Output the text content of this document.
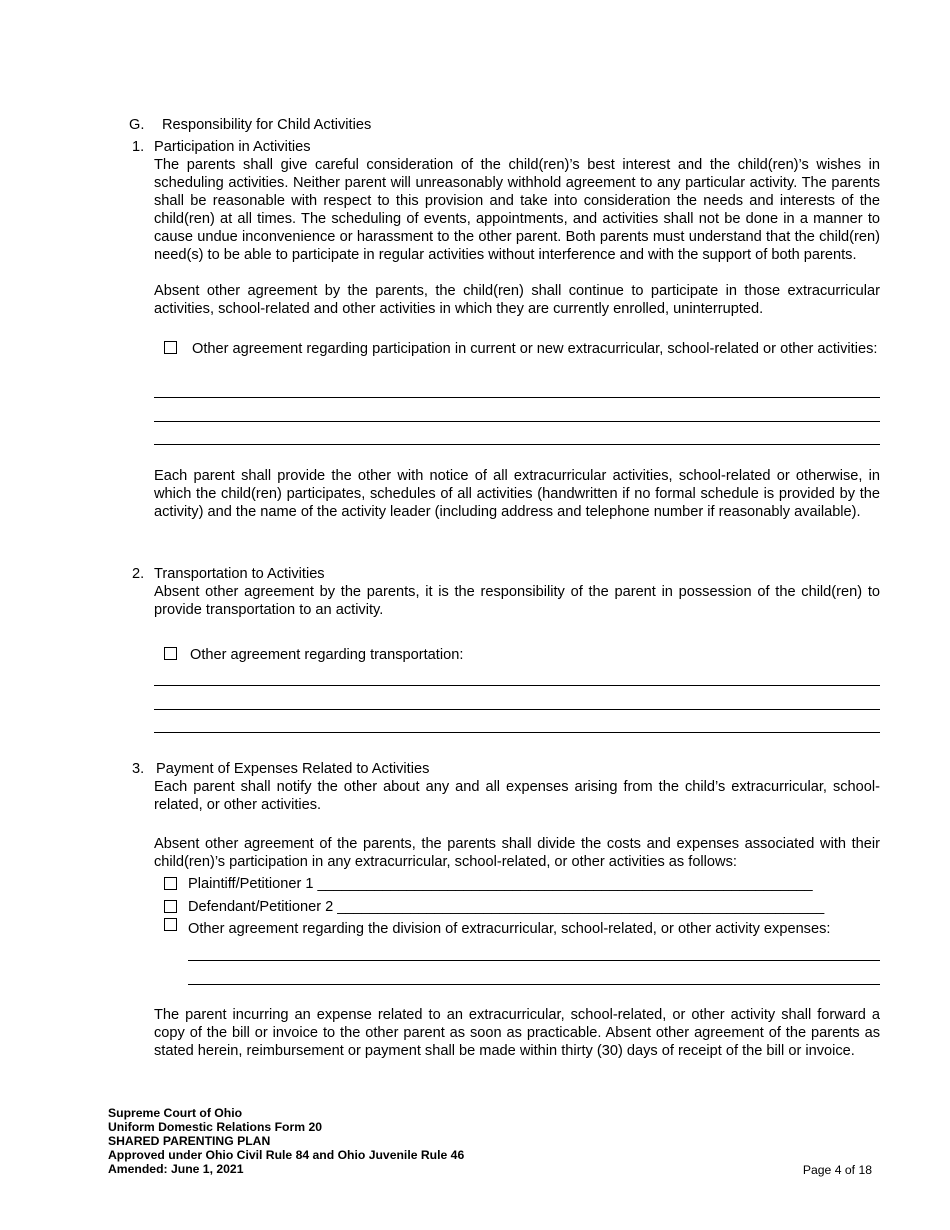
G. Responsibility for Child Activities
1. Participation in Activities
The parents shall give careful consideration of the child(ren)’s best interest and the child(ren)’s wishes in scheduling activities. Neither parent will unreasonably withhold agreement to any particular activity. The parents shall be reasonable with respect to this provision and take into consideration the needs and interests of the child(ren) at all times. The scheduling of events, appointments, and activities shall not be done in a manner to cause undue inconvenience or harassment to the other parent. Both parents must understand that the child(ren) need(s) to be able to participate in regular activities without interference and with the support of both parents.
Absent other agreement by the parents, the child(ren) shall continue to participate in those extracurricular activities, school-related and other activities in which they are currently enrolled, uninterrupted.
Other agreement regarding participation in current or new extracurricular, school-related or other activities:
Each parent shall provide the other with notice of all extracurricular activities, school-related or otherwise, in which the child(ren) participates, schedules of all activities (handwritten if no formal schedule is provided by the activity) and the name of the activity leader (including address and telephone number if reasonably available).
2. Transportation to Activities
Absent other agreement by the parents, it is the responsibility of the parent in possession of the child(ren) to provide transportation to an activity.
Other agreement regarding transportation:
3. Payment of Expenses Related to Activities
Each parent shall notify the other about any and all expenses arising from the child’s extracurricular, school-related, or other activities.
Absent other agreement of the parents, the parents shall divide the costs and expenses associated with their child(ren)’s participation in any extracurricular, school-related, or other activities as follows:
Plaintiff/Petitioner 1 _____________________________________________________________
Defendant/Petitioner 2 ____________________________________________________________
Other agreement regarding the division of extracurricular, school-related, or other activity expenses:
The parent incurring an expense related to an extracurricular, school-related, or other activity shall forward a copy of the bill or invoice to the other parent as soon as practicable. Absent other agreement of the parents as stated herein, reimbursement or payment shall be made within thirty (30) days of receipt of the bill or invoice.
Supreme Court of Ohio
Uniform Domestic Relations Form 20
SHARED PARENTING PLAN
Approved under Ohio Civil Rule 84 and Ohio Juvenile Rule 46
Amended: June 1, 2021	Page 4 of 18
